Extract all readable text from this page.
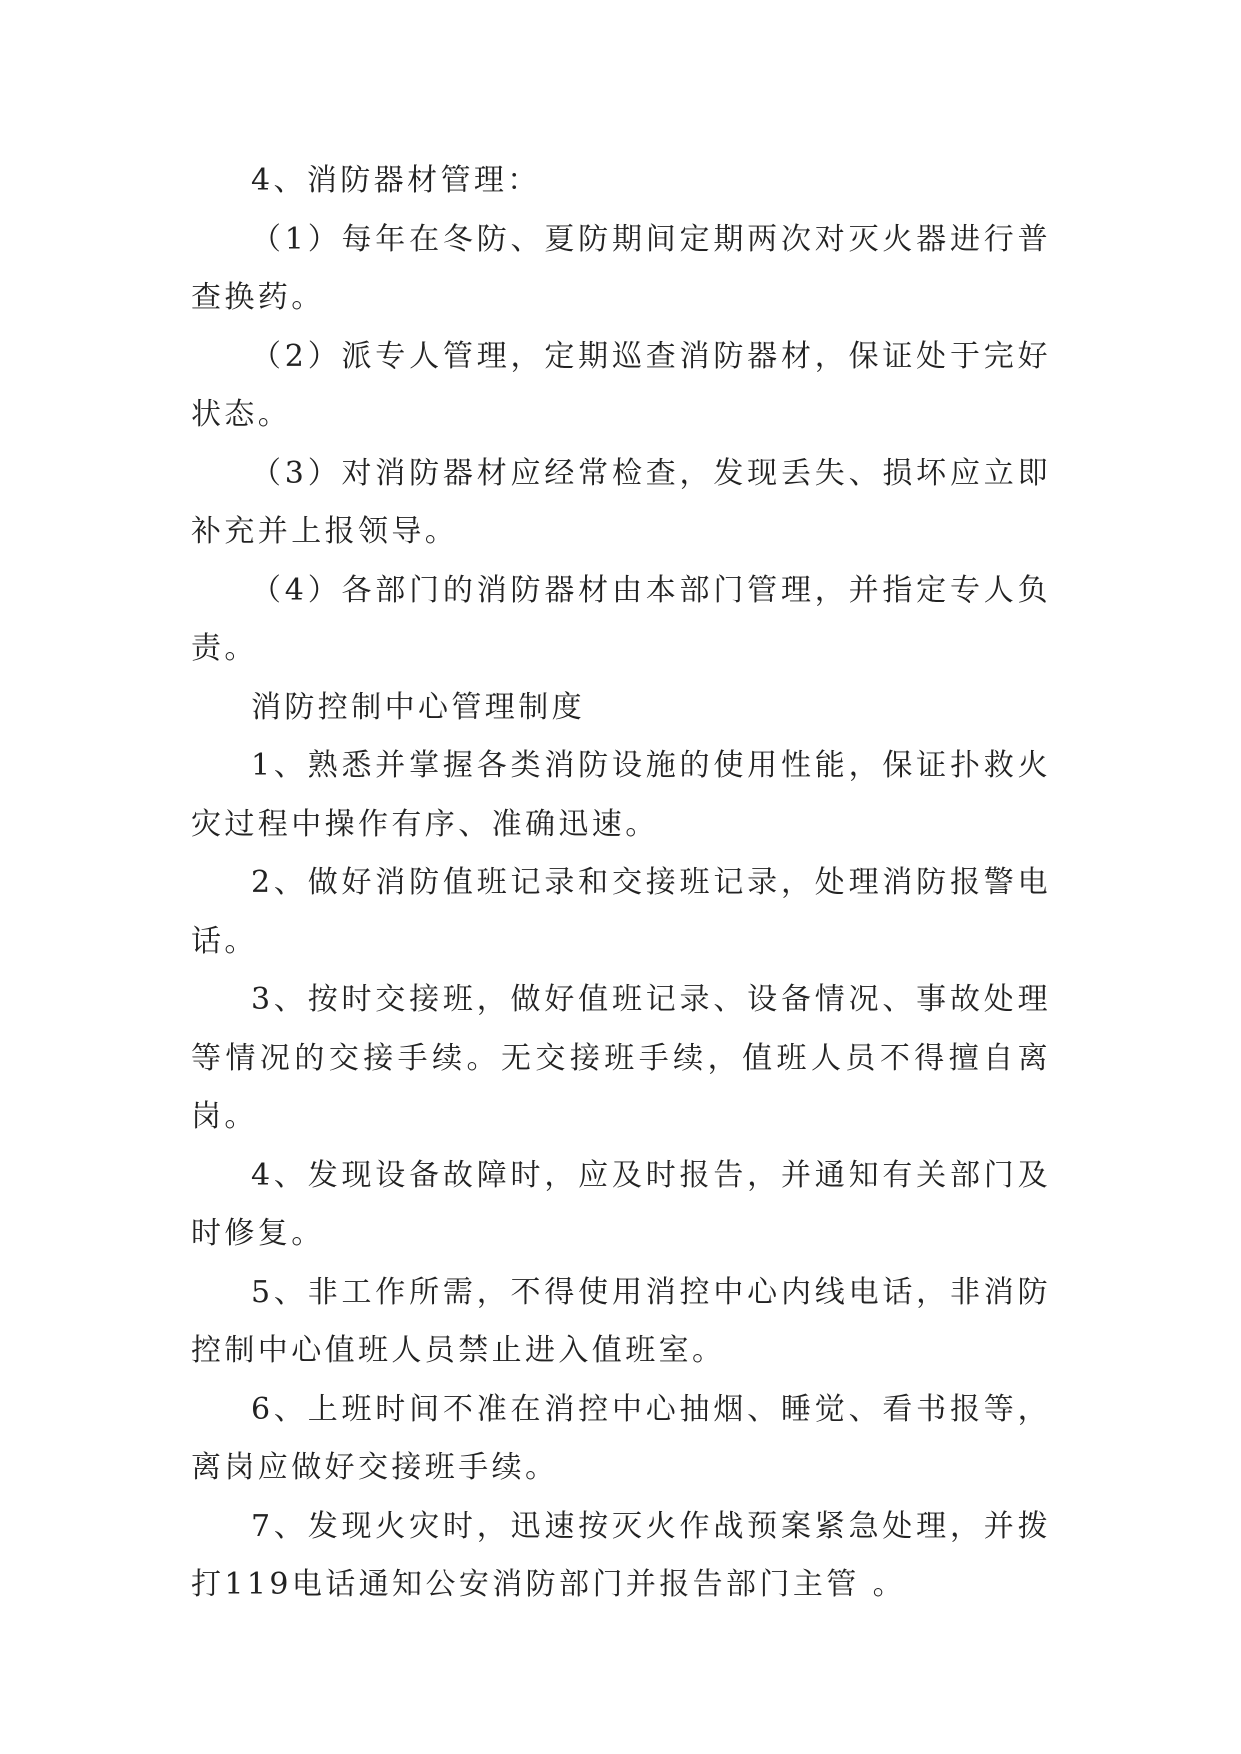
4、消防器材管理：

（1）每年在冬防、夏防期间定期两次对灭火器进行普查换药。

（2）派专人管理，定期巡查消防器材，保证处于完好状态。

（3）对消防器材应经常检查，发现丢失、损坏应立即补充并上报领导。

（4）各部门的消防器材由本部门管理，并指定专人负责。

消防控制中心管理制度

1、熟悉并掌握各类消防设施的使用性能，保证扑救火灾过程中操作有序、准确迅速。

2、做好消防值班记录和交接班记录，处理消防报警电话。

3、按时交接班，做好值班记录、设备情况、事故处理等情况的交接手续。无交接班手续，值班人员不得擅自离岗。

4、发现设备故障时，应及时报告，并通知有关部门及时修复。

5、非工作所需，不得使用消控中心内线电话，非消防控制中心值班人员禁止进入值班室。

6、上班时间不准在消控中心抽烟、睡觉、看书报等，离岗应做好交接班手续。

7、发现火灾时，迅速按灭火作战预案紧急处理，并拨打119电话通知公安消防部门并报告部门主管 。
